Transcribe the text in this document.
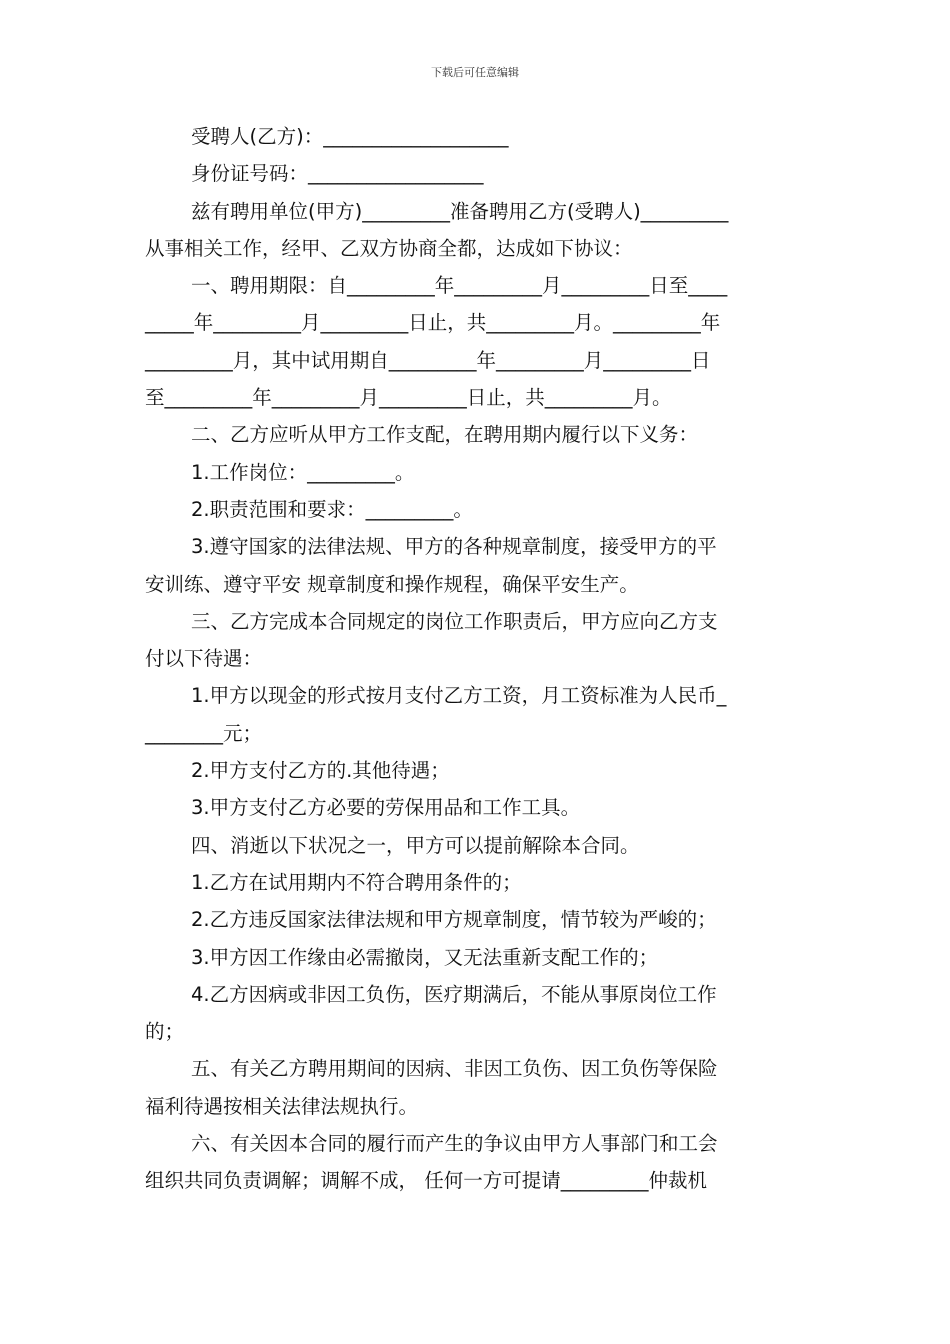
下载后可任意编辑
受聘人(乙方)：___________________
身份证号码：__________________
兹有聘用单位(甲方)_________准备聘用乙方(受聘人)_________
从事相关工作，经甲、乙双方协商全都，达成如下协议：
一、聘用期限：自_________年_________月_________日至____
_____年_________月_________日止，共_________月。_________年
_________月，其中试用期自_________年_________月_________日
至_________年_________月_________日止，共_________月。
二、乙方应听从甲方工作支配，在聘用期内履行以下义务：
1.工作岗位：_________。
2.职责范围和要求：_________。
3.遵守国家的法律法规、甲方的各种规章制度，接受甲方的平
安训练、遵守平安 规章制度和操作规程，确保平安生产。
三、乙方完成本合同规定的岗位工作职责后，甲方应向乙方支
付以下待遇：
1.甲方以现金的形式按月支付乙方工资，月工资标准为人民币_
________元；
2.甲方支付乙方的.其他待遇；
3.甲方支付乙方必要的劳保用品和工作工具。
四、消逝以下状况之一，甲方可以提前解除本合同。
1.乙方在试用期内不符合聘用条件的；
2.乙方违反国家法律法规和甲方规章制度，情节较为严峻的；
3.甲方因工作缘由必需撤岗，又无法重新支配工作的；
4.乙方因病或非因工负伤，医疗期满后，不能从事原岗位工作
的；
五、有关乙方聘用期间的因病、非因工负伤、因工负伤等保险
福利待遇按相关法律法规执行。
六、有关因本合同的履行而产生的争议由甲方人事部门和工会
组织共同负责调解；调解不成， 任何一方可提请_________仲裁机
